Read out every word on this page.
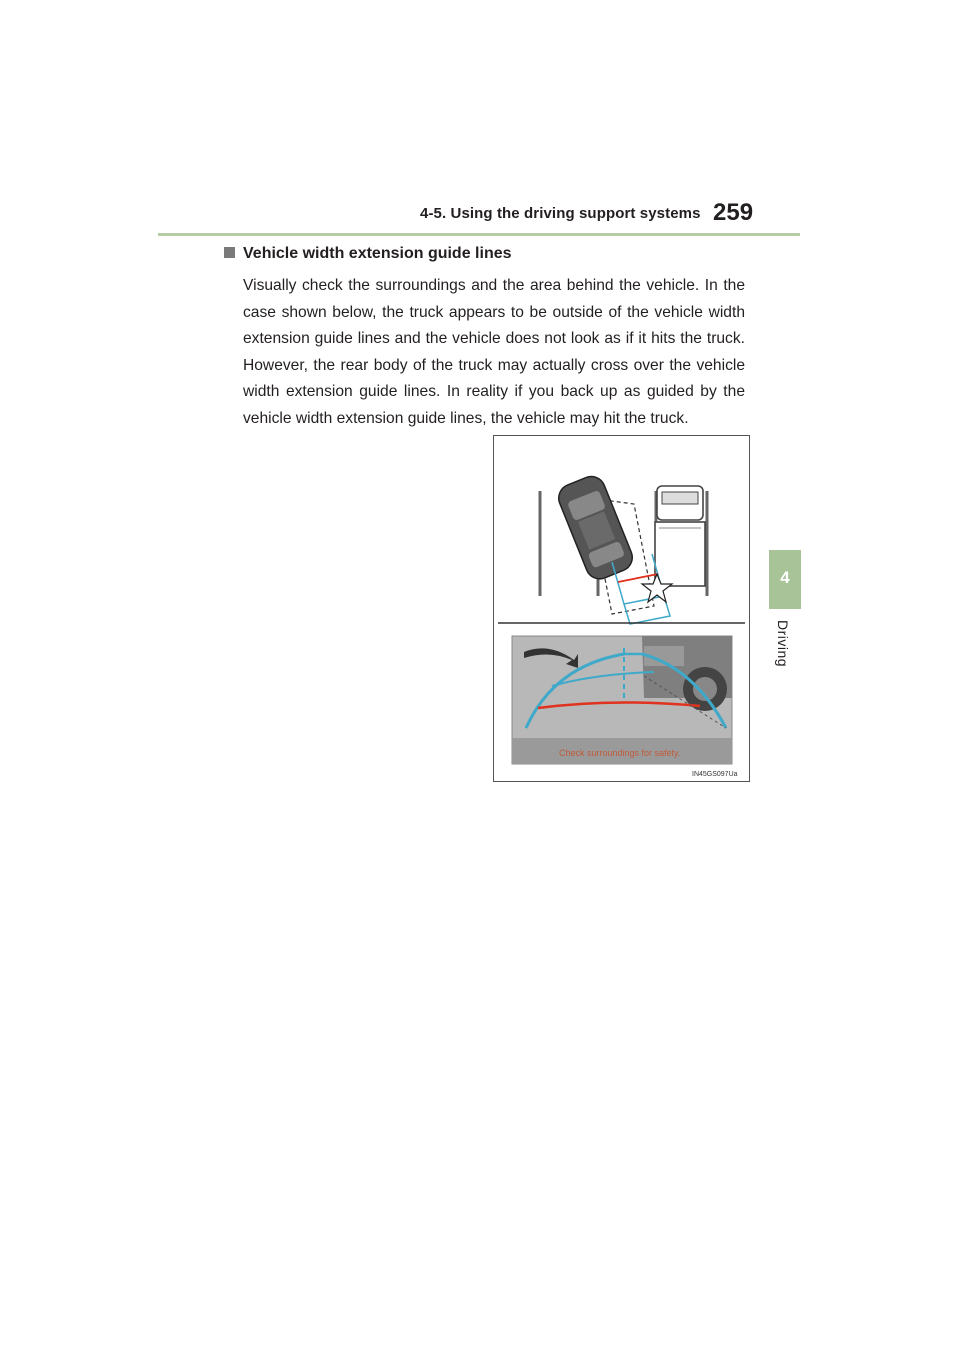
4-5. Using the driving support systems 259
4
Driving
Vehicle width extension guide lines
Visually check the surroundings and the area behind the vehicle. In the case shown below, the truck appears to be outside of the vehicle width extension guide lines and the vehicle does not look as if it hits the truck. However, the rear body of the truck may actually cross over the vehicle width extension guide lines. In reality if you back up as guided by the vehicle width extension guide lines, the vehicle may hit the truck.
Check surroundings for safety.
IN45GS097Ua
